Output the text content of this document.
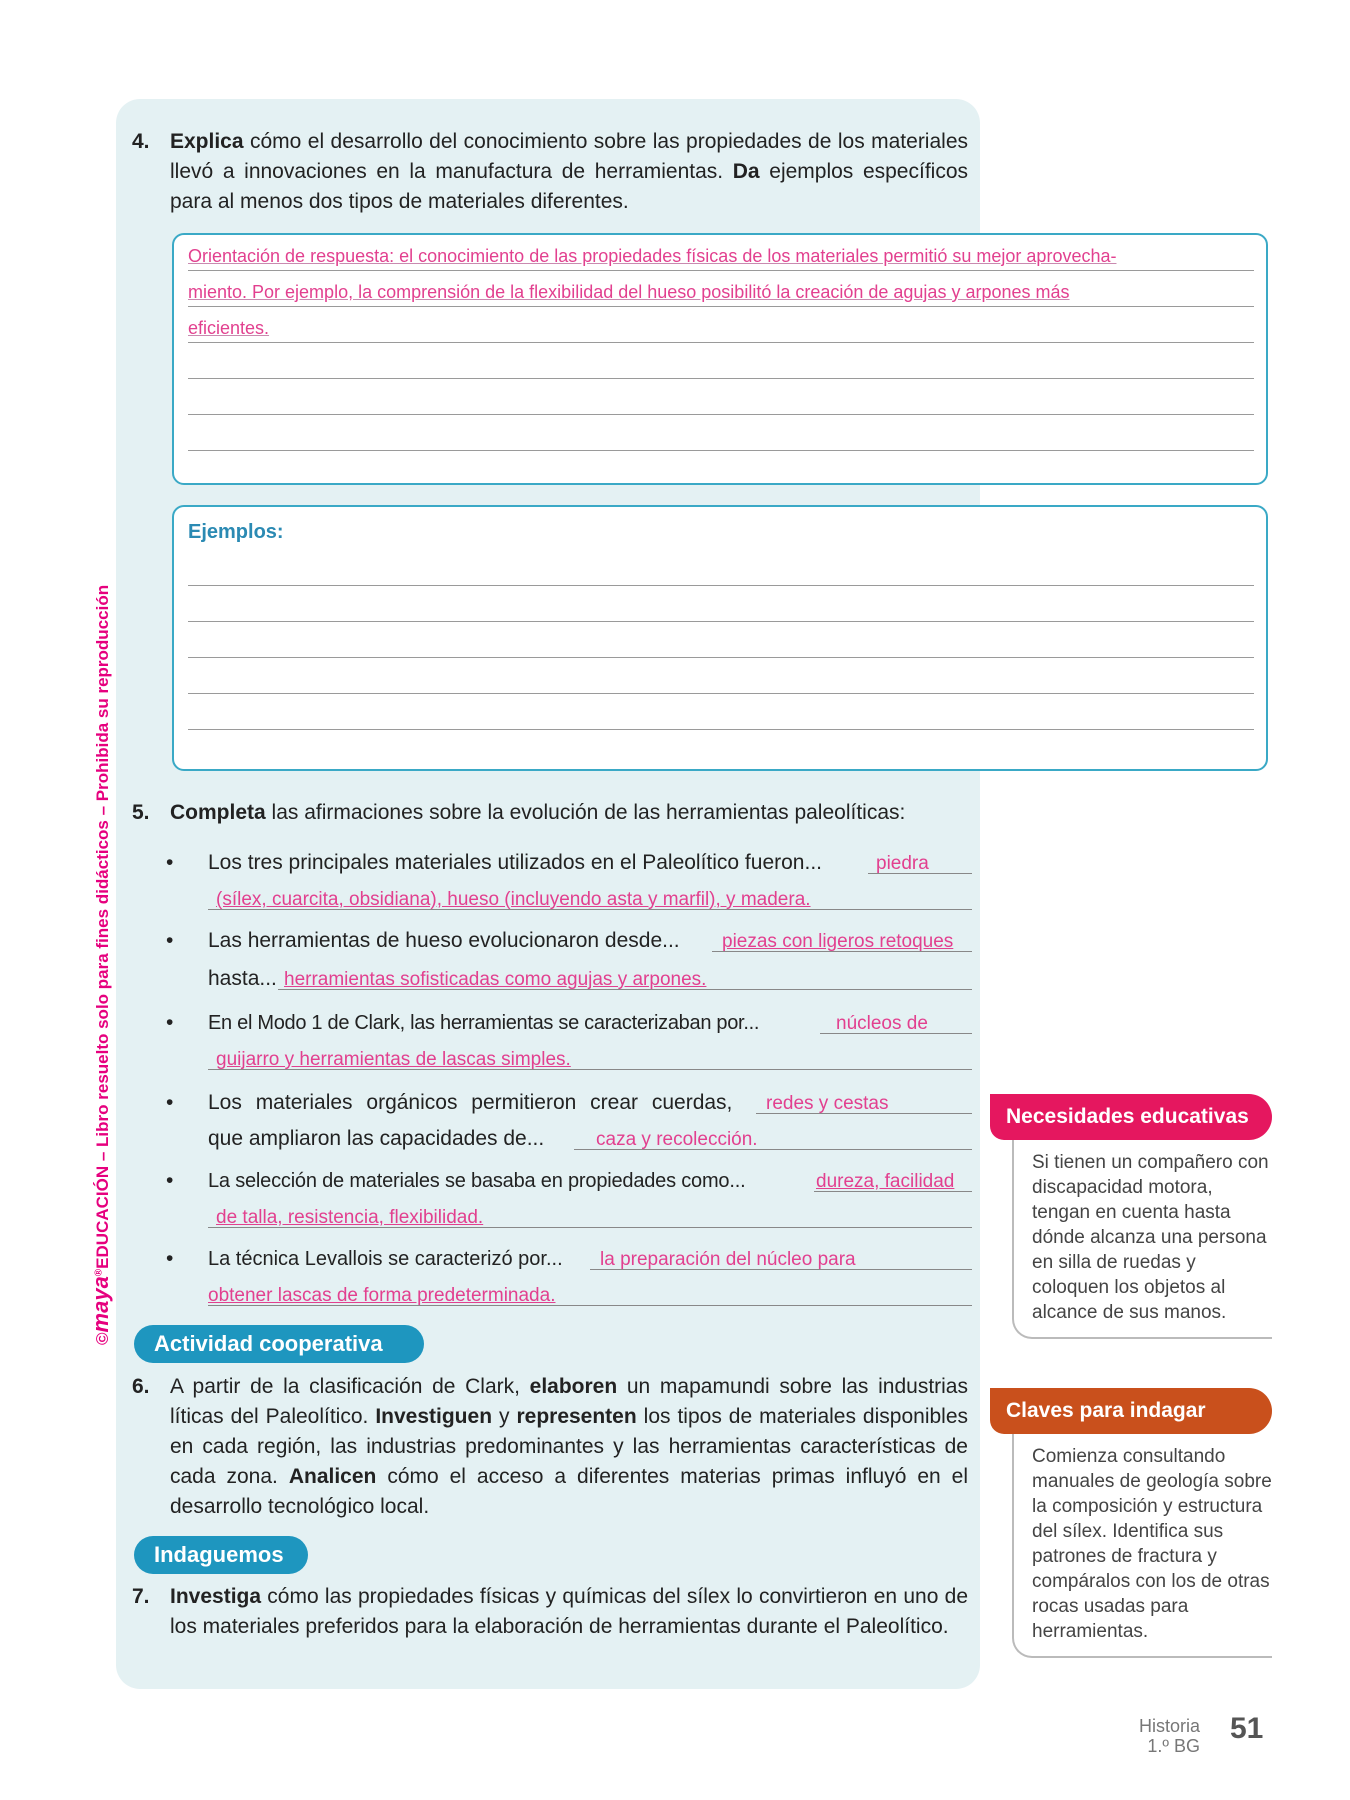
©maya®EDUCACIÓN – Libro resuelto solo para fines didácticos – Prohibida su reproducción
4. Explica cómo el desarrollo del conocimiento sobre las propiedades de los materiales llevó a innovaciones en la manufactura de herramientas. Da ejemplos específicos para al menos dos tipos de materiales diferentes.
Orientación de respuesta: el conocimiento de las propiedades físicas de los materiales permitió su mejor aprovecha-
miento. Por ejemplo, la comprensión de la flexibilidad del hueso posibilitó la creación de agujas y arpones más
eficientes.
Ejemplos:
5. Completa las afirmaciones sobre la evolución de las herramientas paleolíticas:
• Los tres principales materiales utilizados en el Paleolítico fueron...	piedra
(sílex, cuarcita, obsidiana), hueso (incluyendo asta y marfil), y madera.
• Las herramientas de hueso evolucionaron desde...
hasta...
piezas con ligeros retoques
herramientas sofisticadas como agujas y arpones.
• En el Modo 1 de Clark, las herramientas se caracterizaban por...	núcleos de
guijarro y herramientas de lascas simples.
• Los materiales orgánicos permitieron crear cuerdas,
que ampliaron las capacidades de...
redes y cestas
caza y recolección.
• La selección de materiales se basaba en propiedades como...	dureza, facilidad
de talla, resistencia, flexibilidad.
• La técnica Levallois se caracterizó por... la preparación del núcleo para
obtener lascas de forma predeterminada.
Actividad cooperativa
6. A partir de la clasificación de Clark, elaboren un mapamundi sobre las industrias líticas del Paleolítico. Investiguen y representen los tipos de materiales disponibles en cada región, las industrias predominantes y las herramientas características de cada zona. Analicen cómo el acceso a diferentes materias primas influyó en el desarrollo tecnológico local.
Indaguemos
7. Investiga cómo las propiedades físicas y químicas del sílex lo convirtieron en uno de los materiales preferidos para la elaboración de herramientas durante el Paleolítico.
Necesidades educativas
Si tienen un compañero con discapacidad motora, tengan en cuenta hasta dónde alcanza una persona en silla de ruedas y coloquen los objetos al alcance de sus manos.
Claves para indagar
Comienza consultando manuales de geología sobre la composición y estructura del sílex. Identifica sus patrones de fractura y compáralos con los de otras rocas usadas para herramientas.
Historia
1.º BG
51
